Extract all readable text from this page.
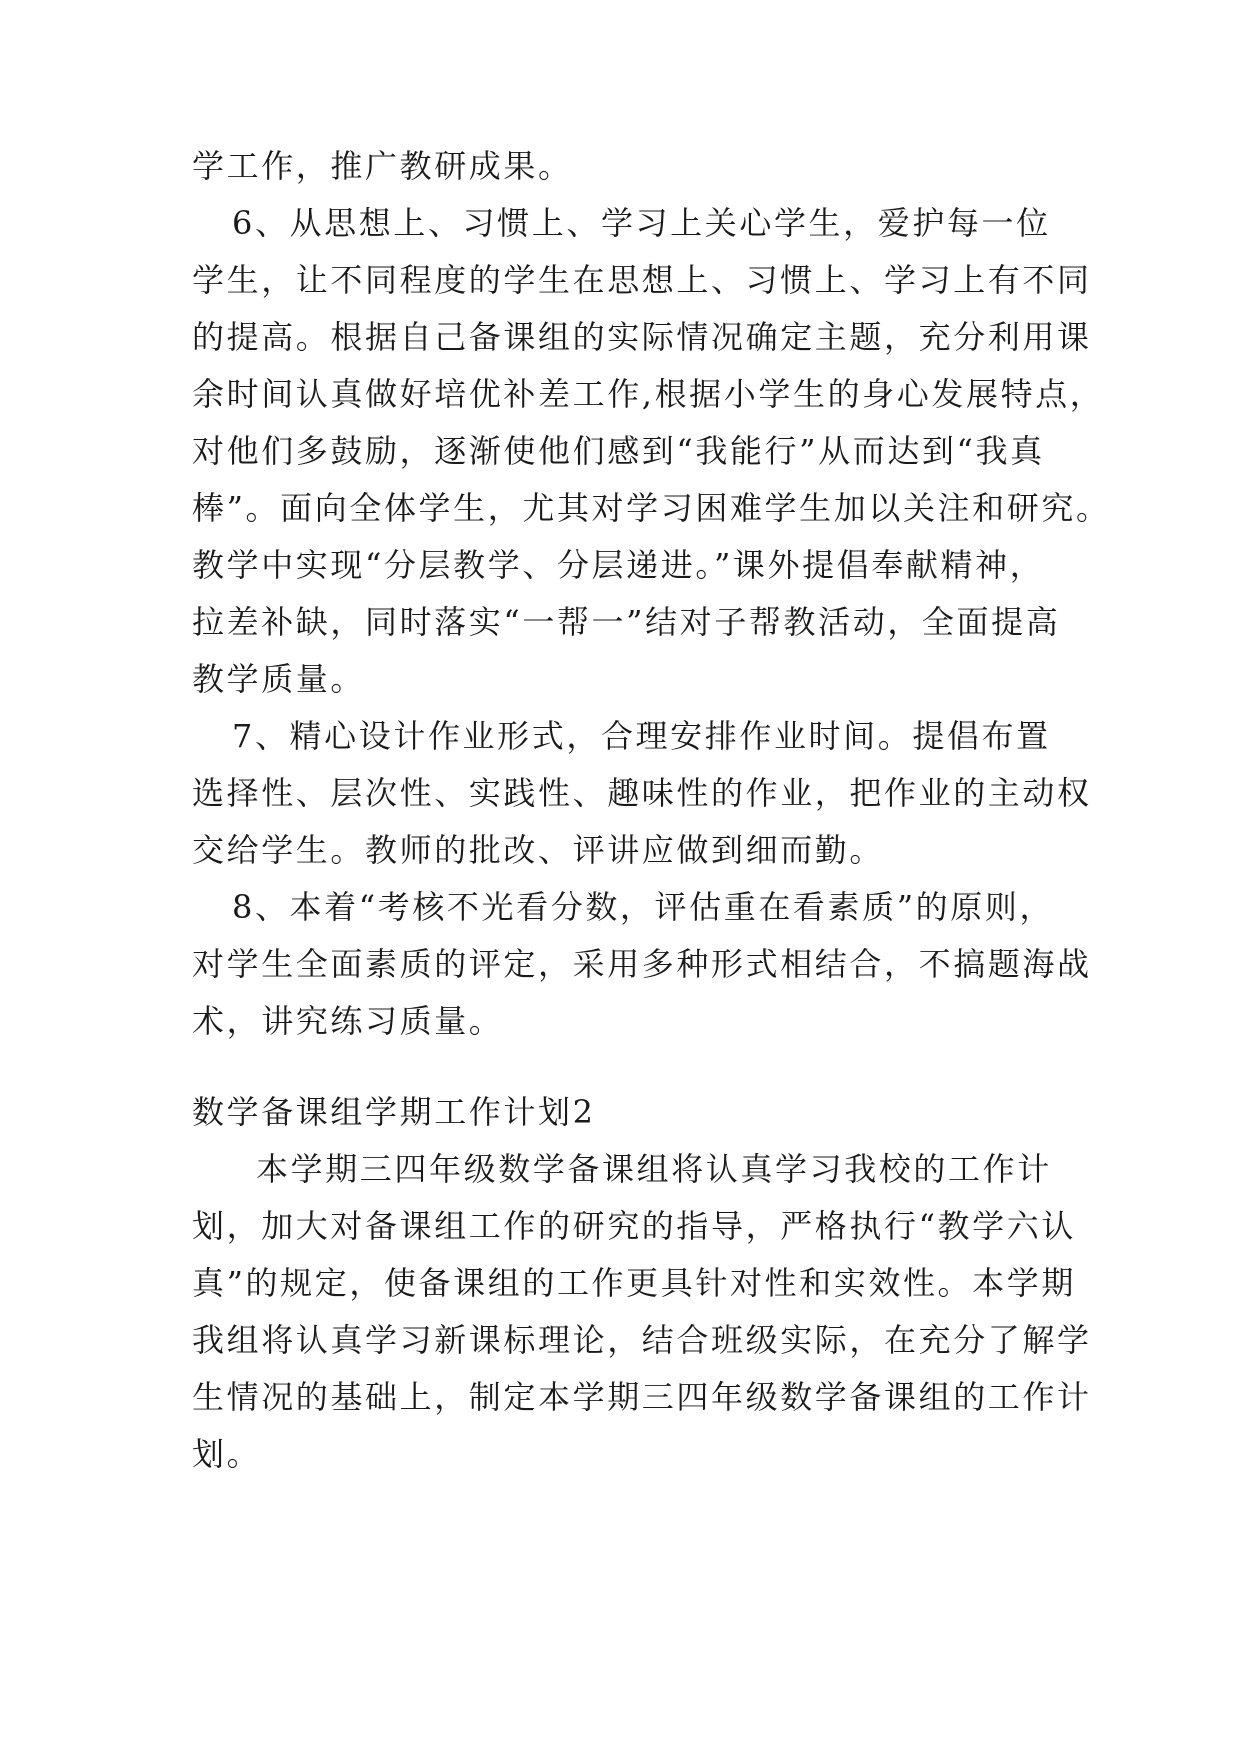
学工作，推广教研成果。
6、从思想上、习惯上、学习上关心学生，爱护每一位
学生，让不同程度的学生在思想上、习惯上、学习上有不同
的提高。根据自己备课组的实际情况确定主题，充分利用课
余时间认真做好培优补差工作,根据小学生的身心发展特点，
对他们多鼓励，逐渐使他们感到“我能行”从而达到“我真
棒”。面向全体学生，尤其对学习困难学生加以关注和研究。
教学中实现“分层教学、分层递进。”课外提倡奉献精神，
拉差补缺，同时落实“一帮一”结对子帮教活动，全面提高
教学质量。
7、精心设计作业形式，合理安排作业时间。提倡布置
选择性、层次性、实践性、趣味性的作业，把作业的主动权
交给学生。教师的批改、评讲应做到细而勤。
8、本着“考核不光看分数，评估重在看素质”的原则，
对学生全面素质的评定，采用多种形式相结合，不搞题海战
术，讲究练习质量。
数学备课组学期工作计划2
本学期三四年级数学备课组将认真学习我校的工作计
划，加大对备课组工作的研究的指导，严格执行“教学六认
真”的规定，使备课组的工作更具针对性和实效性。本学期
我组将认真学习新课标理论，结合班级实际，在充分了解学
生情况的基础上，制定本学期三四年级数学备课组的工作计
划。
